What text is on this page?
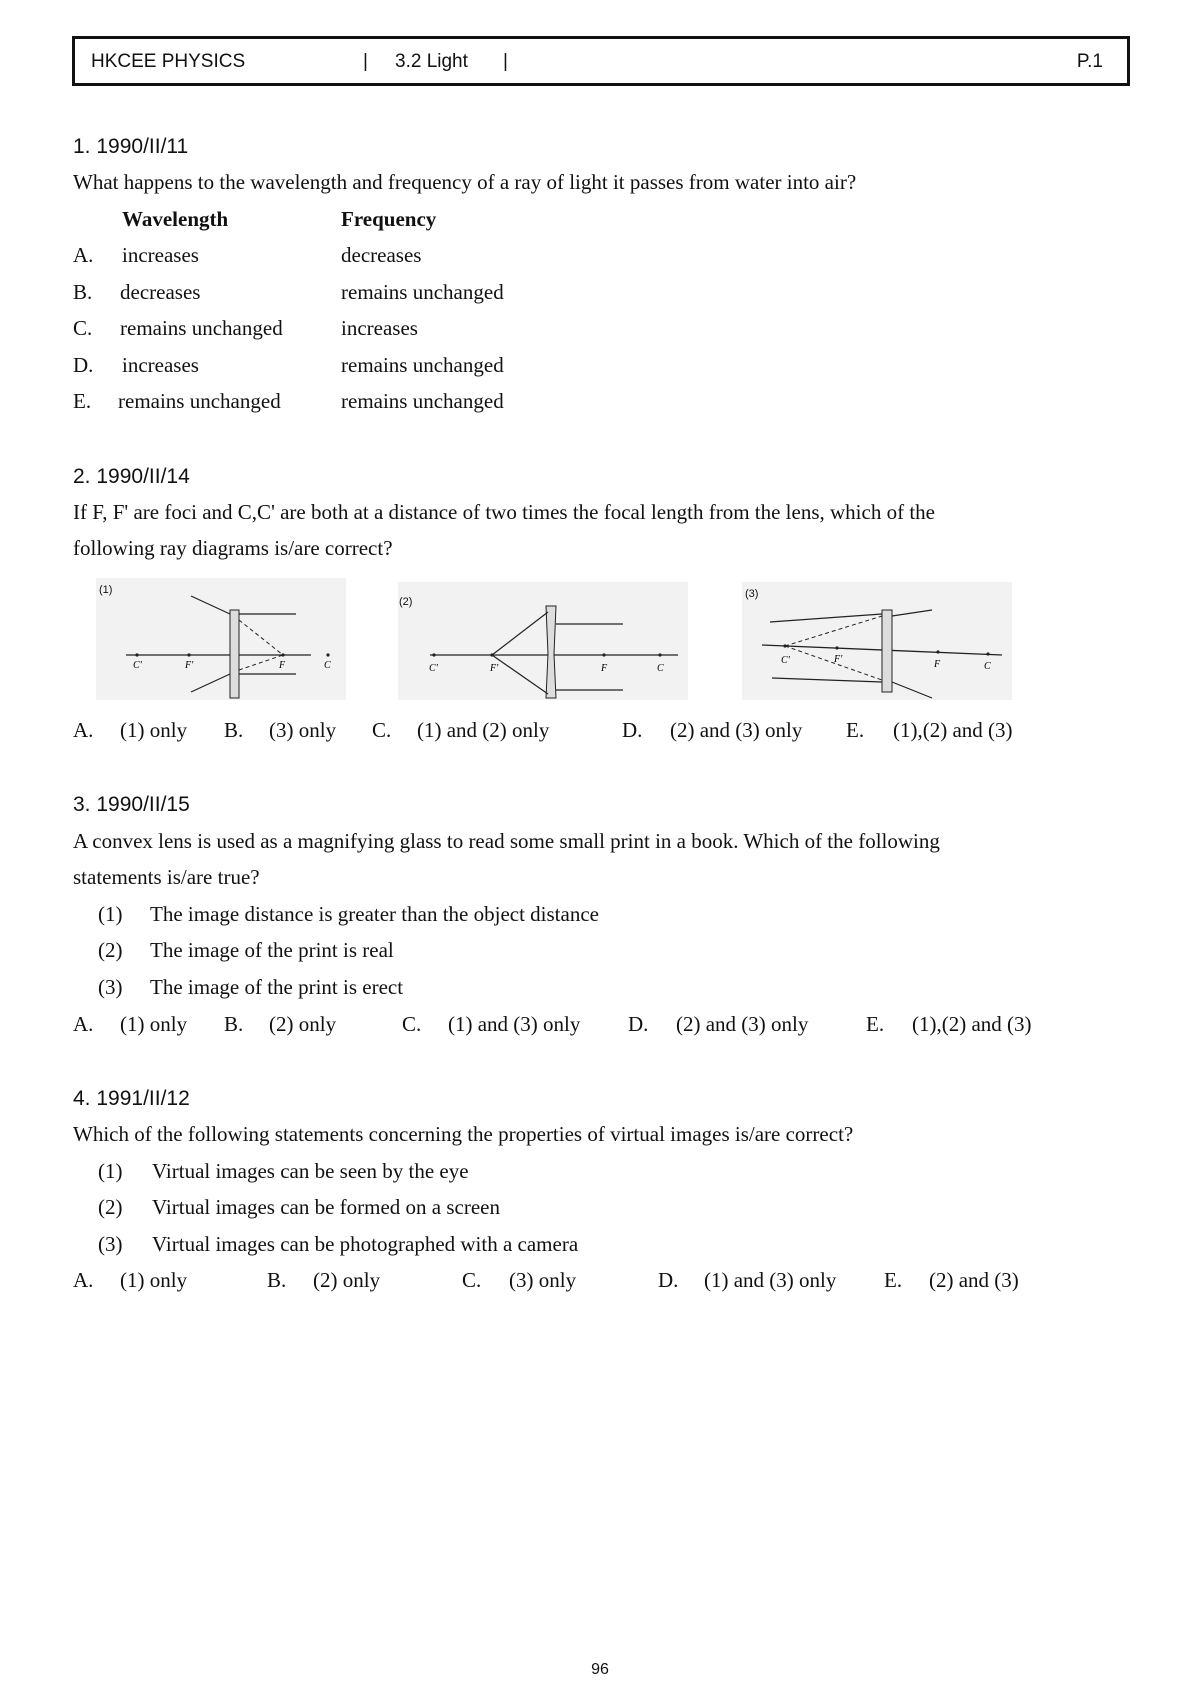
HKCEE PHYSICS	| 3.2 Light |	P.1
1. 1990/II/11
What happens to the wavelength and frequency of a ray of light it passes from water into air?
Wavelength	Frequency
A. increases	decreases
B. decreases	remains unchanged
C. remains unchanged	increases
D. increases	remains unchanged
E. remains unchanged	remains unchanged
2. 1990/II/14
If F, F' are foci and C,C' are both at a distance of two times the focal length from the lens, which of the
following ray diagrams is/are correct?
(1)
C'	F'	F	C
(2)
C'	F'	F	C
(3)
C'	F'	F	C
A. (1) only B. (3) only C. (1) and (2) only	D. (2) and (3) only E. (1),(2) and (3)
3. 1990/II/15
A convex lens is used as a magnifying glass to read some small print in a book. Which of the following
statements is/are true?
(1) The image distance is greater than the object distance
(2) The image of the print is real
(3) The image of the print is erect
A. (1) only B. (2) only	C. (1) and (3) only D. (2) and (3) only	E. (1),(2) and (3)
4. 1991/II/12
Which of the following statements concerning the properties of virtual images is/are correct?
(1) Virtual images can be seen by the eye
(2) Virtual images can be formed on a screen
(3) Virtual images can be photographed with a camera
A. (1) only	B. (2) only	C. (3) only	D. (1) and (3) only E. (2) and (3)
96
